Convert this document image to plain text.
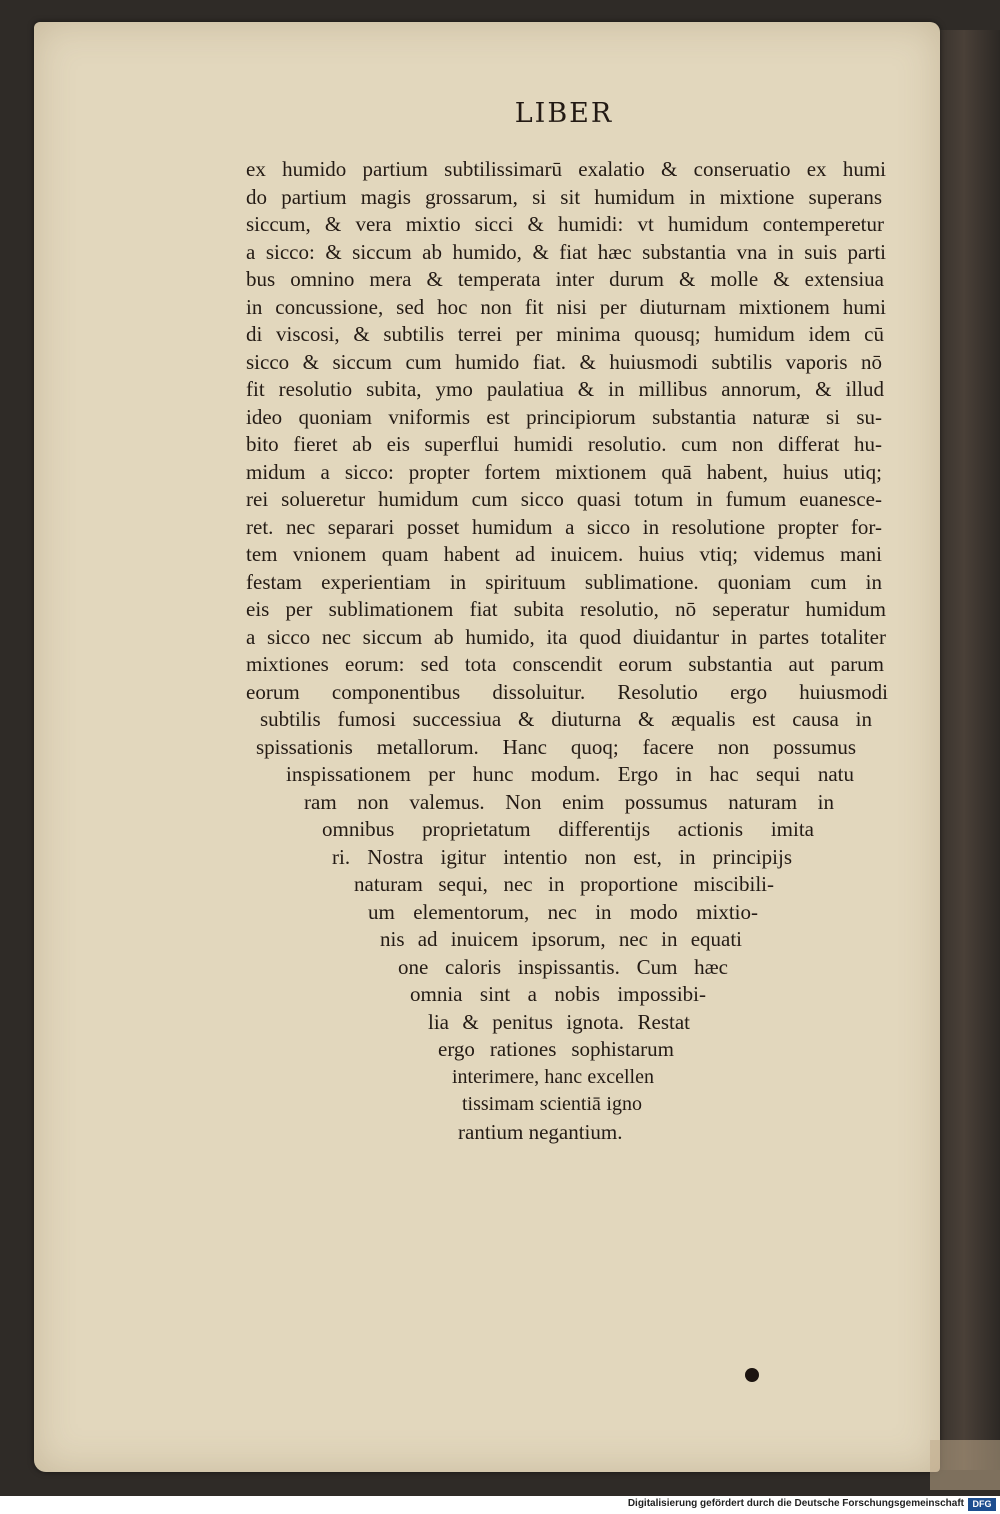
LIBER
ex humido partium subtilissimarū exalatio & conseruatio ex humi
do partium magis grossarum, si sit humidum in mixtione superans
siccum, & vera mixtio sicci & humidi: vt humidum contemperetur
a sicco: & siccum ab humido, & fiat hæc substantia vna in suis parti
bus omnino mera & temperata inter durum & molle & extensiua
in concussione, sed hoc non fit nisi per diuturnam mixtionem humi
di viscosi, & subtilis terrei per minima quousq; humidum idem cū
sicco & siccum cum humido fiat. & huiusmodi subtilis vaporis nō
fit resolutio subita, ymo paulatiua & in millibus annorum, & illud
ideo quoniam vniformis est principiorum substantia naturæ si su-
bito fieret ab eis superflui humidi resolutio. cum non differat hu-
midum a sicco: propter fortem mixtionem quā habent, huius utiq;
rei solueretur humidum cum sicco quasi totum in fumum euanesce-
ret. nec separari posset humidum a sicco in resolutione propter for-
tem vnionem quam habent ad inuicem. huius vtiq; videmus mani
festam experientiam in spirituum sublimatione. quoniam cum in
eis per sublimationem fiat subita resolutio, nō seperatur humidum
a sicco nec siccum ab humido, ita quod diuidantur in partes totaliter
mixtiones eorum: sed tota conscendit eorum substantia aut parum
eorum componentibus dissoluitur. Resolutio ergo huiusmodi
subtilis fumosi successiua & diuturna & æqualis est causa in
spissationis metallorum. Hanc quoq; facere non possumus
inspissationem per hunc modum. Ergo in hac sequi natu
ram non valemus. Non enim possumus naturam in
omnibus proprietatum differentijs actionis imita
ri. Nostra igitur intentio non est, in principijs
naturam sequi, nec in proportione miscibili-
um elementorum, nec in modo mixtio-
nis ad inuicem ipsorum, nec in equati
one caloris inspissantis. Cum hæc
omnia sint a nobis impossibi-
lia & penitus ignota. Restat
ergo rationes sophistarum
interimere, hanc excellen
tissimam scientiā igno
rantium negantium.
Digitalisierung gefördert durch die Deutsche Forschungsgemeinschaft DFG
